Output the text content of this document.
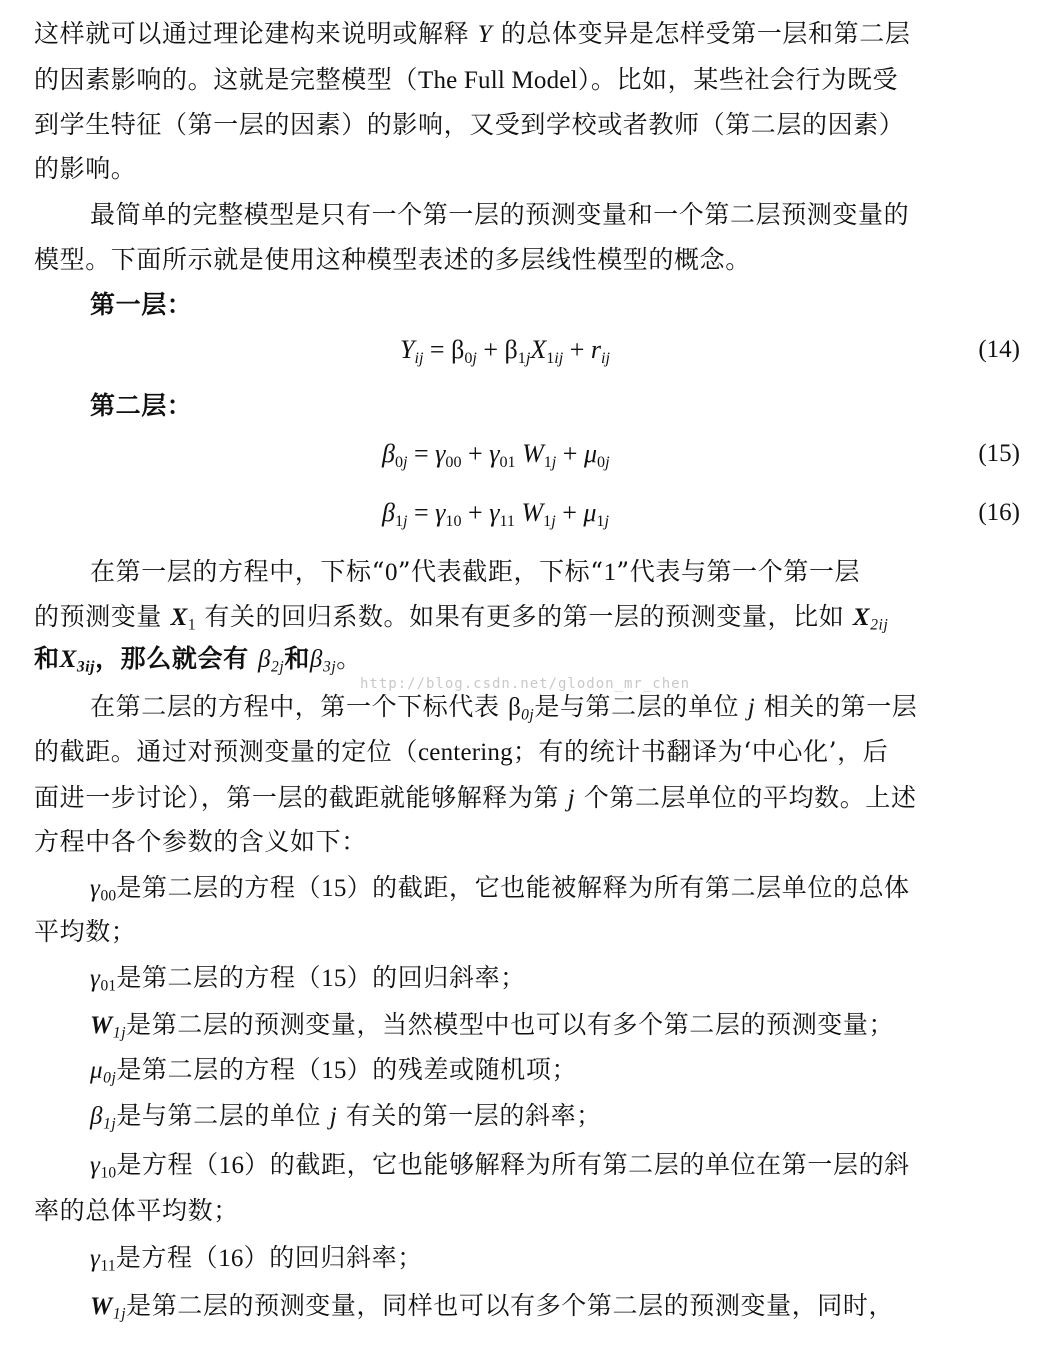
这样就可以通过理论建构来说明或解释 Y 的总体变异是怎样受第一层和第二层
的因素影响的。这就是完整模型（The Full Model）。比如，某些社会行为既受
到学生特征（第一层的因素）的影响，又受到学校或者教师（第二层的因素）
的影响。
最简单的完整模型是只有一个第一层的预测变量和一个第二层预测变量的
模型。下面所示就是使用这种模型表述的多层线性模型的概念。
第一层：
$Y_{ij} = \beta_{0j} + \beta_{1j}X_{1ij} + r_{ij}$	(14)
第二层：
$\beta_{0j} = \gamma_{00} + \gamma_{01}$ $W_{1j} + \mu_{0j}$	(15)
$\beta_{1j} = \gamma_{10} + \gamma_{11}$ $W_{1j} + \mu_{1j}$	(16)
在第一层的方程中，下标“0”代表截距，下标“1”代表与第一个第一层
的预测变量 $X_1$ 有关的回归系数。如果有更多的第一层的预测变量，比如 $X_{2ij}$
和$X_{3ij}$，那么就会有 $\beta_{2j}$和$\beta_{3j}$。
http://blog.csdn.net/glodon_mr_chen
在第二层的方程中，第一个下标代表 $\beta_{0j}$是与第二层的单位 j 相关的第一层
的截距。通过对预测变量的定位（centering；有的统计书翻译为‘中心化’，后
面进一步讨论），第一层的截距就能够解释为第 j 个第二层单位的平均数。上述
方程中各个参数的含义如下：
$\gamma_{00}$是第二层的方程（15）的截距，它也能被解释为所有第二层单位的总体
平均数；
$\gamma_{01}$是第二层的方程（15）的回归斜率；
$W_{1j}$是第二层的预测变量，当然模型中也可以有多个第二层的预测变量；
$\mu_{0j}$是第二层的方程（15）的残差或随机项；
$\beta_{1j}$是与第二层的单位 j 有关的第一层的斜率；
$\gamma_{10}$是方程（16）的截距，它也能够解释为所有第二层的单位在第一层的斜
率的总体平均数；
$\gamma_{11}$是方程（16）的回归斜率；
$W_{1j}$是第二层的预测变量，同样也可以有多个第二层的预测变量，同时，
